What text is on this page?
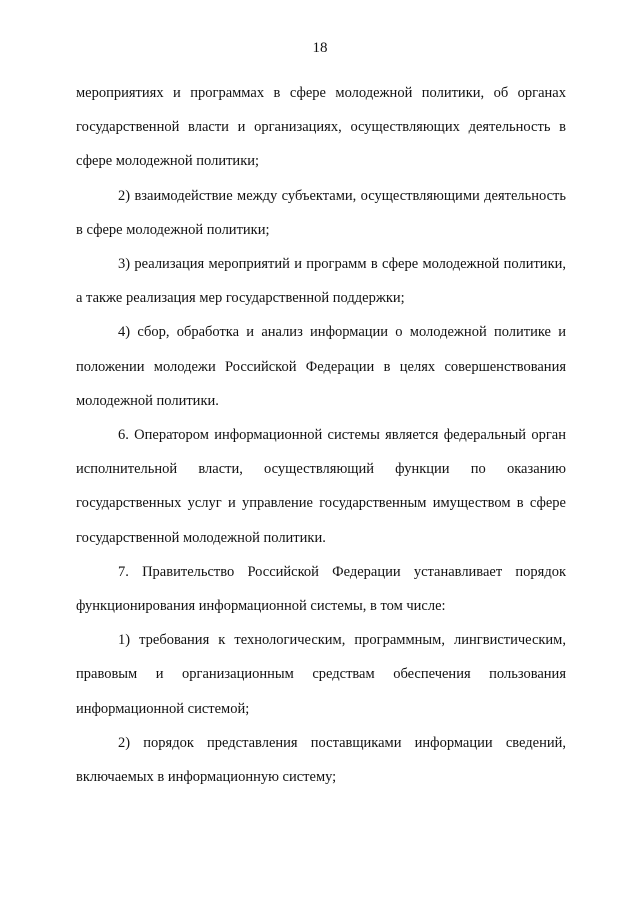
18

мероприятиях и программах в сфере молодежной политики, об органах государственной власти и организациях, осуществляющих деятельность в сфере молодежной политики;

2) взаимодействие между субъектами, осуществляющими деятельность в сфере молодежной политики;

3) реализация мероприятий и программ в сфере молодежной политики, а также реализация мер государственной поддержки;

4) сбор, обработка и анализ информации о молодежной политике и положении молодежи Российской Федерации в целях совершенствования молодежной политики.

6. Оператором информационной системы является федеральный орган исполнительной власти, осуществляющий функции по оказанию государственных услуг и управление государственным имуществом в сфере государственной молодежной политики.

7. Правительство Российской Федерации устанавливает порядок функционирования информационной системы, в том числе:

1) требования к технологическим, программным, лингвистическим, правовым и организационным средствам обеспечения пользования информационной системой;

2) порядок представления поставщиками информации сведений, включаемых в информационную систему;
